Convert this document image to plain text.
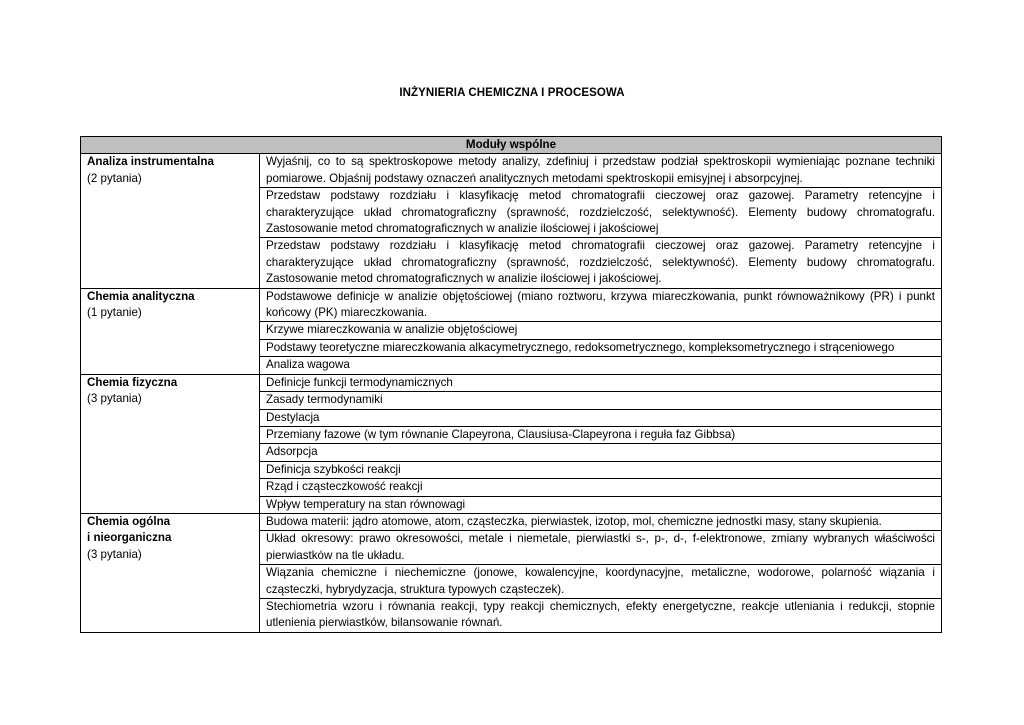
INŻYNIERIA CHEMICZNA I PROCESOWA
Moduły wspólne	

Analiza instrumentalna
(2 pytania)	Wyjaśnij, co to są spektroskopowe metody analizy, zdefiniuj i przedstaw podział spektroskopii wymieniając poznane techniki pomiarowe. Objaśnij podstawy oznaczeń analitycznych metodami spektroskopii emisyjnej i absorpcyjnej.
	Przedstaw podstawy rozdziału i klasyfikację metod chromatografii cieczowej oraz gazowej. Parametry retencyjne i charakteryzujące układ chromatograficzny (sprawność, rozdzielczość, selektywność). Elementy budowy chromatografu. Zastosowanie metod chromatograficznych w analizie ilościowej i jakościowej
	Przedstaw podstawy rozdziału i klasyfikację metod chromatografii cieczowej oraz gazowej. Parametry retencyjne i charakteryzujące układ chromatograficzny (sprawność, rozdzielczość, selektywność). Elementy budowy chromatografu. Zastosowanie metod chromatograficznych w analizie ilościowej i jakościowej.

Chemia analityczna
(1 pytanie)	Podstawowe definicje w analizie objętościowej (miano roztworu, krzywa miareczkowania, punkt równoważnikowy (PR) i punkt końcowy (PK) miareczkowania.
	Krzywe miareczkowania w analizie objętościowej
	Podstawy teoretyczne miareczkowania alkacymetrycznego, redoksometrycznego, kompleksometrycznego i strąceniowego
	Analiza wagowa

Chemia fizyczna
(3 pytania)	Definicje funkcji termodynamicznych
	Zasady termodynamiki
	Destylacja
	Przemiany fazowe (w tym równanie Clapeyrona, Clausiusa-Clapeyrona i reguła faz Gibbsa)
	Adsorpcja
	Definicja szybkości reakcji
	Rząd i cząsteczkowość reakcji
	Wpływ temperatury na stan równowagi

Chemia ogólna
i nieorganiczna
(3 pytania)	Budowa materii: jądro atomowe, atom, cząsteczka, pierwiastek, izotop, mol, chemiczne jednostki masy, stany skupienia.
	Układ okresowy: prawo okresowości, metale i niemetale, pierwiastki s-, p-, d-, f-elektronowe, zmiany wybranych właściwości pierwiastków na tle układu.
	Wiązania chemiczne i niechemiczne (jonowe, kowalencyjne, koordynacyjne, metaliczne, wodorowe, polarność wiązania i cząsteczki, hybrydyzacja, struktura typowych cząsteczek).
	Stechiometria wzoru i równania reakcji, typy reakcji chemicznych, efekty energetyczne, reakcje utleniania i redukcji, stopnie utlenienia pierwiastków, bilansowanie równań.
